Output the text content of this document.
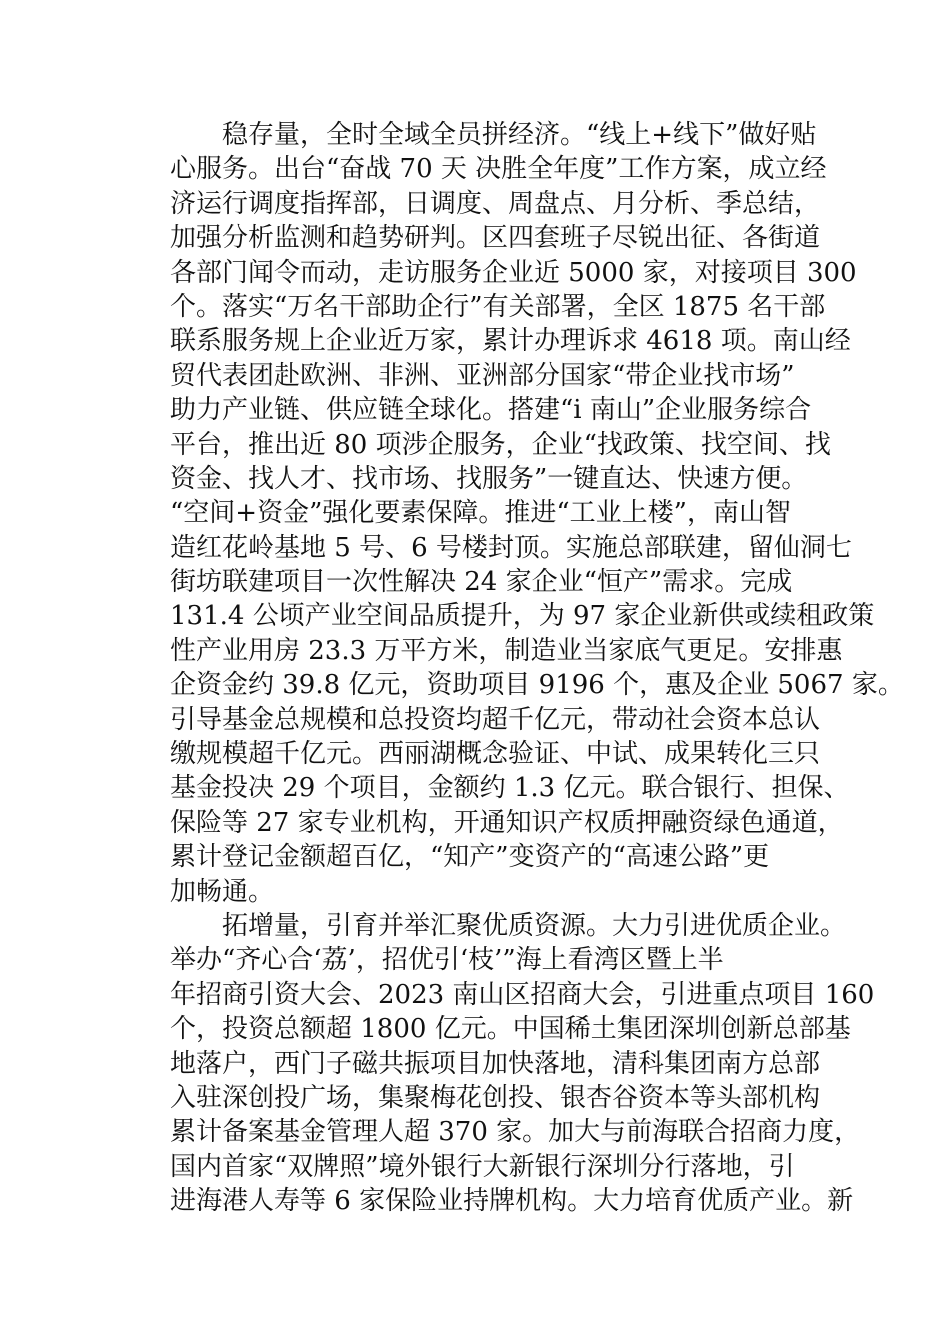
　　稳存量，全时全域全员拼经济。“线上+线下”做好贴
心服务。出台“奋战 70 天 决胜全年度”工作方案，成立经
济运行调度指挥部，日调度、周盘点、月分析、季总结，
加强分析监测和趋势研判。区四套班子尽锐出征、各街道
各部门闻令而动，走访服务企业近 5000 家，对接项目 300
个。落实“万名干部助企行”有关部署，全区 1875 名干部
联系服务规上企业近万家，累计办理诉求 4618 项。南山经
贸代表团赴欧洲、非洲、亚洲部分国家“带企业找市场”
助力产业链、供应链全球化。搭建“i 南山”企业服务综合
平台，推出近 80 项涉企服务，企业“找政策、找空间、找
资金、找人才、找市场、找服务”一键直达、快速方便。
“空间+资金”强化要素保障。推进“工业上楼”，南山智
造红花岭基地 5 号、6 号楼封顶。实施总部联建，留仙洞七
街坊联建项目一次性解决 24 家企业“恒产”需求。完成
131.4 公顷产业空间品质提升，为 97 家企业新供或续租政策
性产业用房 23.3 万平方米，制造业当家底气更足。安排惠
企资金约 39.8 亿元，资助项目 9196 个，惠及企业 5067 家。
引导基金总规模和总投资均超千亿元，带动社会资本总认
缴规模超千亿元。西丽湖概念验证、中试、成果转化三只
基金投决 29 个项目，金额约 1.3 亿元。联合银行、担保、
保险等 27 家专业机构，开通知识产权质押融资绿色通道，
累计登记金额超百亿，“知产”变资产的“高速公路”更
加畅通。
　　拓增量，引育并举汇聚优质资源。大力引进优质企业。
举办“齐心合‘荔’，招优引‘枝’”海上看湾区暨上半
年招商引资大会、2023 南山区招商大会，引进重点项目 160
个，投资总额超 1800 亿元。中国稀土集团深圳创新总部基
地落户，西门子磁共振项目加快落地，清科集团南方总部
入驻深创投广场，集聚梅花创投、银杏谷资本等头部机构
累计备案基金管理人超 370 家。加大与前海联合招商力度，
国内首家“双牌照”境外银行大新银行深圳分行落地，引
进海港人寿等 6 家保险业持牌机构。大力培育优质产业。新
